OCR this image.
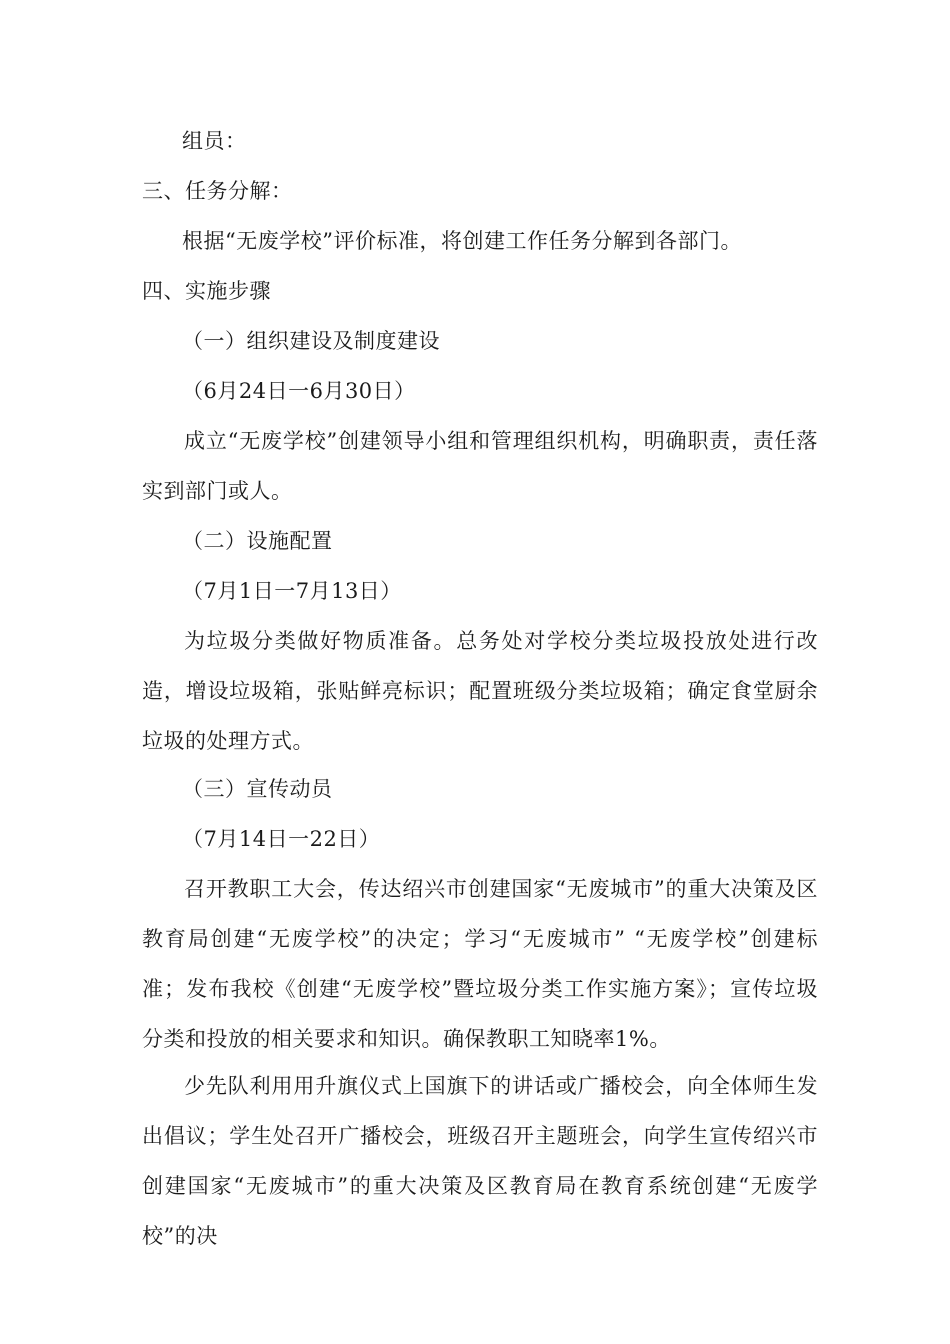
组员：
三、任务分解：
根据“无废学校”评价标准，将创建工作任务分解到各部门。
四、实施步骤
（一）组织建设及制度建设
（6月24日一6月30日）
成立“无废学校”创建领导小组和管理组织机构，明确职责，责任落实到部门或人。
（二）设施配置
（7月1日一7月13日）
为垃圾分类做好物质准备。总务处对学校分类垃圾投放处进行改造，增设垃圾箱，张贴鲜亮标识；配置班级分类垃圾箱；确定食堂厨余垃圾的处理方式。
（三）宣传动员
（7月14日一22日）
召开教职工大会，传达绍兴市创建国家“无废城市”的重大决策及区教育局创建“无废学校”的决定；学习“无废城市” “无废学校”创建标准；发布我校《创建“无废学校”暨垃圾分类工作实施方案》；宣传垃圾分类和投放的相关要求和知识。确保教职工知晓率1%。
少先队利用用升旗仪式上国旗下的讲话或广播校会，向全体师生发出倡议；学生处召开广播校会，班级召开主题班会，向学生宣传绍兴市创建国家“无废城市”的重大决策及区教育局在教育系统创建“无废学校”的决
